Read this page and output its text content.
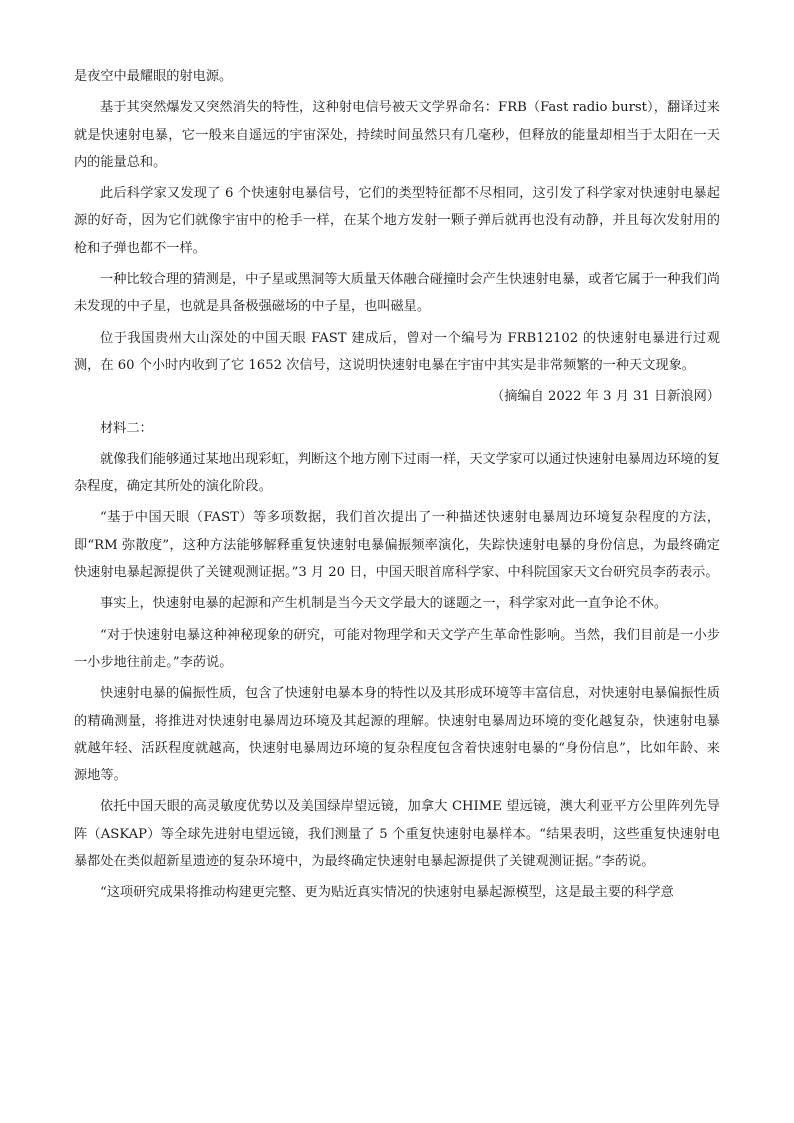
是夜空中最耀眼的射电源。

基于其突然爆发又突然消失的特性，这种射电信号被天文学界命名：FRB（Fast radio burst），翻译过来就是快速射电暴，它一般来自遥远的宇宙深处，持续时间虽然只有几毫秒，但释放的能量却相当于太阳在一天内的能量总和。

此后科学家又发现了 6 个快速射电暴信号，它们的类型特征都不尽相同，这引发了科学家对快速射电暴起源的好奇，因为它们就像宇宙中的枪手一样，在某个地方发射一颗子弹后就再也没有动静，并且每次发射用的枪和子弹也都不一样。

一种比较合理的猜测是，中子星或黑洞等大质量天体融合碰撞时会产生快速射电暴，或者它属于一种我们尚未发现的中子星，也就是具备极强磁场的中子星，也叫磁星。

位于我国贵州大山深处的中国天眼 FAST 建成后，曾对一个编号为 FRB12102 的快速射电暴进行过观测，在 60 个小时内收到了它 1652 次信号，这说明快速射电暴在宇宙中其实是非常频繁的一种天文现象。

（摘编自 2022 年 3 月 31 日新浪网）

材料二：

就像我们能够通过某地出现彩虹，判断这个地方刚下过雨一样，天文学家可以通过快速射电暴周边环境的复杂程度，确定其所处的演化阶段。

“基于中国天眼（FAST）等多项数据，我们首次提出了一种描述快速射电暴周边环境复杂程度的方法，即“RM 弥散度”，这种方法能够解释重复快速射电暴偏振频率演化，失踪快速射电暴的身份信息，为最终确定快速射电暴起源提供了关键观测证据。”3 月 20 日，中国天眼首席科学家、中科院国家天文台研究员李菂表示。

事实上，快速射电暴的起源和产生机制是当今天文学最大的谜题之一，科学家对此一直争论不休。

“对于快速射电暴这种神秘现象的研究，可能对物理学和天文学产生革命性影响。当然，我们目前是一小步一小步地往前走。”李菂说。

快速射电暴的偏振性质，包含了快速射电暴本身的特性以及其形成环境等丰富信息，对快速射电暴偏振性质的精确测量，将推进对快速射电暴周边环境及其起源的理解。快速射电暴周边环境的变化越复杂，快速射电暴就越年轻、活跃程度就越高，快速射电暴周边环境的复杂程度包含着快速射电暴的“身份信息”，比如年龄、来源地等。

依托中国天眼的高灵敏度优势以及美国绿岸望远镜，加拿大 CHIME 望远镜，澳大利亚平方公里阵列先导阵（ASKAP）等全球先进射电望远镜，我们测量了 5 个重复快速射电暴样本。“结果表明，这些重复快速射电暴都处在类似超新星遗迹的复杂环境中，为最终确定快速射电暴起源提供了关键观测证据。”李菂说。

“这项研究成果将推动构建更完整、更为贴近真实情况的快速射电暴起源模型，这是最主要的科学意
